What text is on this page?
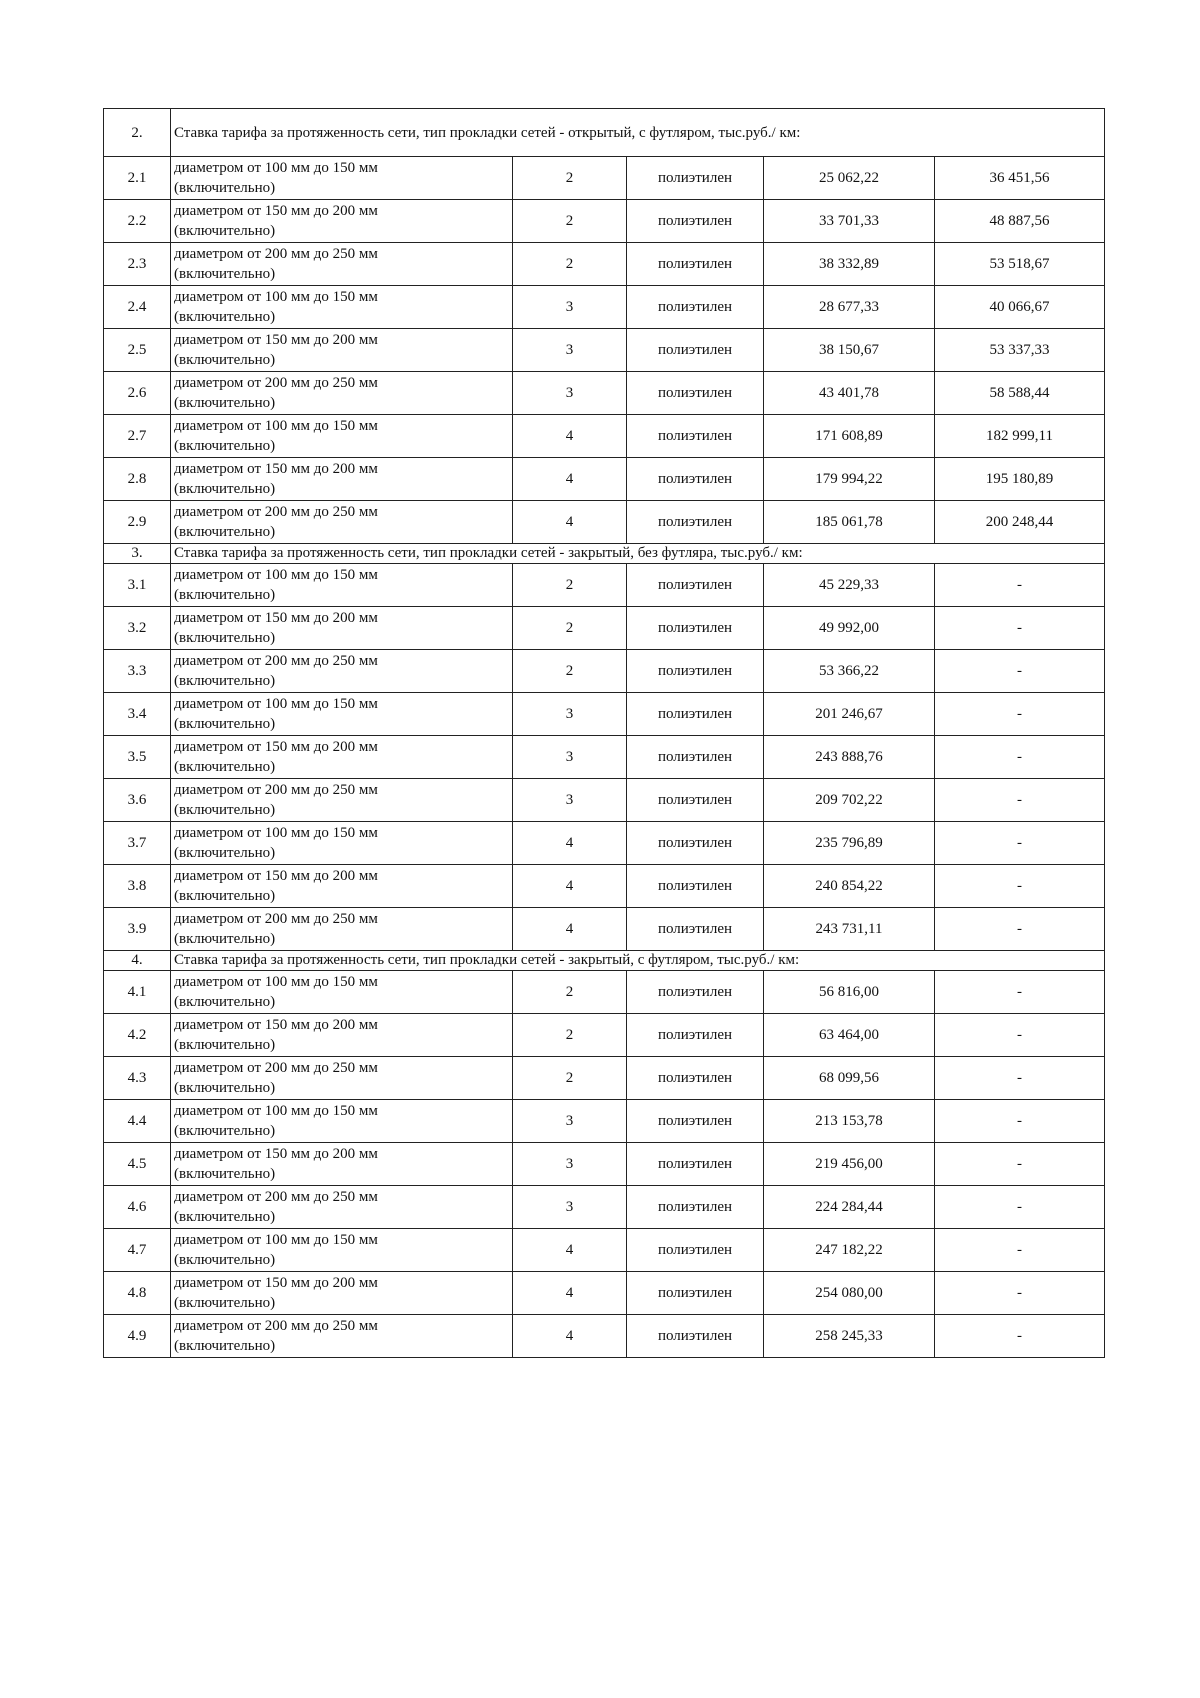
2.	Ставка тарифа за протяженность сети, тип прокладки сетей - открытый, с футляром, тыс.руб./ км:				
2.1	диаметром от 100 мм до 150 мм
(включительно)	2	полиэтилен	25 062,22	36 451,56
2.2	диаметром от 150 мм до 200 мм
(включительно)	2	полиэтилен	33 701,33	48 887,56
2.3	диаметром от 200 мм до 250 мм
(включительно)	2	полиэтилен	38 332,89	53 518,67
2.4	диаметром от 100 мм до 150 мм
(включительно)	3	полиэтилен	28 677,33	40 066,67
2.5	диаметром от 150 мм до 200 мм
(включительно)	3	полиэтилен	38 150,67	53 337,33
2.6	диаметром от 200 мм до 250 мм
(включительно)	3	полиэтилен	43 401,78	58 588,44
2.7	диаметром от 100 мм до 150 мм
(включительно)	4	полиэтилен	171 608,89	182 999,11
2.8	диаметром от 150 мм до 200 мм
(включительно)	4	полиэтилен	179 994,22	195 180,89
2.9	диаметром от 200 мм до 250 мм
(включительно)	4	полиэтилен	185 061,78	200 248,44
3.	Ставка тарифа за протяженность сети, тип прокладки сетей - закрытый, без футляра, тыс.руб./ км:				
3.1	диаметром от 100 мм до 150 мм
(включительно)	2	полиэтилен	45 229,33	-
3.2	диаметром от 150 мм до 200 мм
(включительно)	2	полиэтилен	49 992,00	-
3.3	диаметром от 200 мм до 250 мм
(включительно)	2	полиэтилен	53 366,22	-
3.4	диаметром от 100 мм до 150 мм
(включительно)	3	полиэтилен	201 246,67	-
3.5	диаметром от 150 мм до 200 мм
(включительно)	3	полиэтилен	243 888,76	-
3.6	диаметром от 200 мм до 250 мм
(включительно)	3	полиэтилен	209 702,22	-
3.7	диаметром от 100 мм до 150 мм
(включительно)	4	полиэтилен	235 796,89	-
3.8	диаметром от 150 мм до 200 мм
(включительно)	4	полиэтилен	240 854,22	-
3.9	диаметром от 200 мм до 250 мм
(включительно)	4	полиэтилен	243 731,11	-
4.	Ставка тарифа за протяженность сети, тип прокладки сетей - закрытый, с футляром, тыс.руб./ км:				
4.1	диаметром от 100 мм до 150 мм
(включительно)	2	полиэтилен	56 816,00	-
4.2	диаметром от 150 мм до 200 мм
(включительно)	2	полиэтилен	63 464,00	-
4.3	диаметром от 200 мм до 250 мм
(включительно)	2	полиэтилен	68 099,56	-
4.4	диаметром от 100 мм до 150 мм
(включительно)	3	полиэтилен	213 153,78	-
4.5	диаметром от 150 мм до 200 мм
(включительно)	3	полиэтилен	219 456,00	-
4.6	диаметром от 200 мм до 250 мм
(включительно)	3	полиэтилен	224 284,44	-
4.7	диаметром от 100 мм до 150 мм
(включительно)	4	полиэтилен	247 182,22	-
4.8	диаметром от 150 мм до 200 мм
(включительно)	4	полиэтилен	254 080,00	-
4.9	диаметром от 200 мм до 250 мм
(включительно)	4	полиэтилен	258 245,33	-
